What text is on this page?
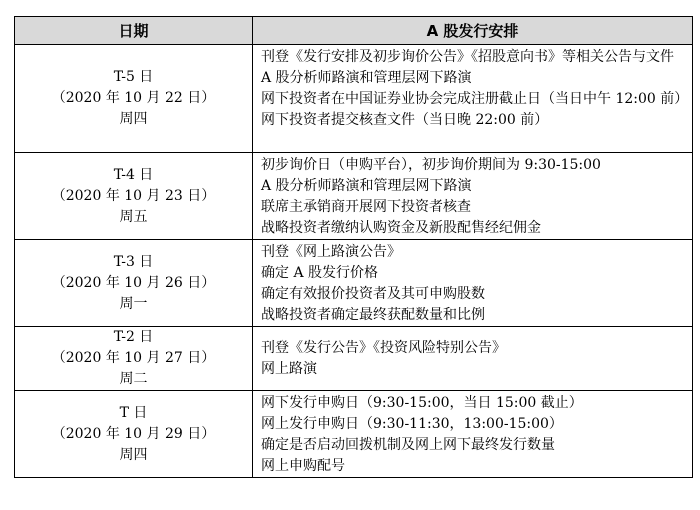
日期	A 股发行安排

T-5 日
（2020 年 10 月 22 日）
周四	刊登《发行安排及初步询价公告》《招股意向书》等相关公告与文件
A 股分析师路演和管理层网下路演
网下投资者在中国证券业协会完成注册截止日（当日中午 12:00 前）
网下投资者提交核查文件（当日晚 22:00 前）

T-4 日
（2020 年 10 月 23 日）
周五	初步询价日（申购平台），初步询价期间为 9:30-15:00
A 股分析师路演和管理层网下路演
联席主承销商开展网下投资者核查
战略投资者缴纳认购资金及新股配售经纪佣金

T-3 日
（2020 年 10 月 26 日）
周一	刊登《网上路演公告》
确定 A 股发行价格
确定有效报价投资者及其可申购股数
战略投资者确定最终获配数量和比例

T-2 日
（2020 年 10 月 27 日）
周二	刊登《发行公告》《投资风险特别公告》
网上路演

T 日
（2020 年 10 月 29 日）
周四	网下发行申购日（9:30-15:00，当日 15:00 截止）
网上发行申购日（9:30-11:30，13:00-15:00）
确定是否启动回拨机制及网上网下最终发行数量
网上申购配号
